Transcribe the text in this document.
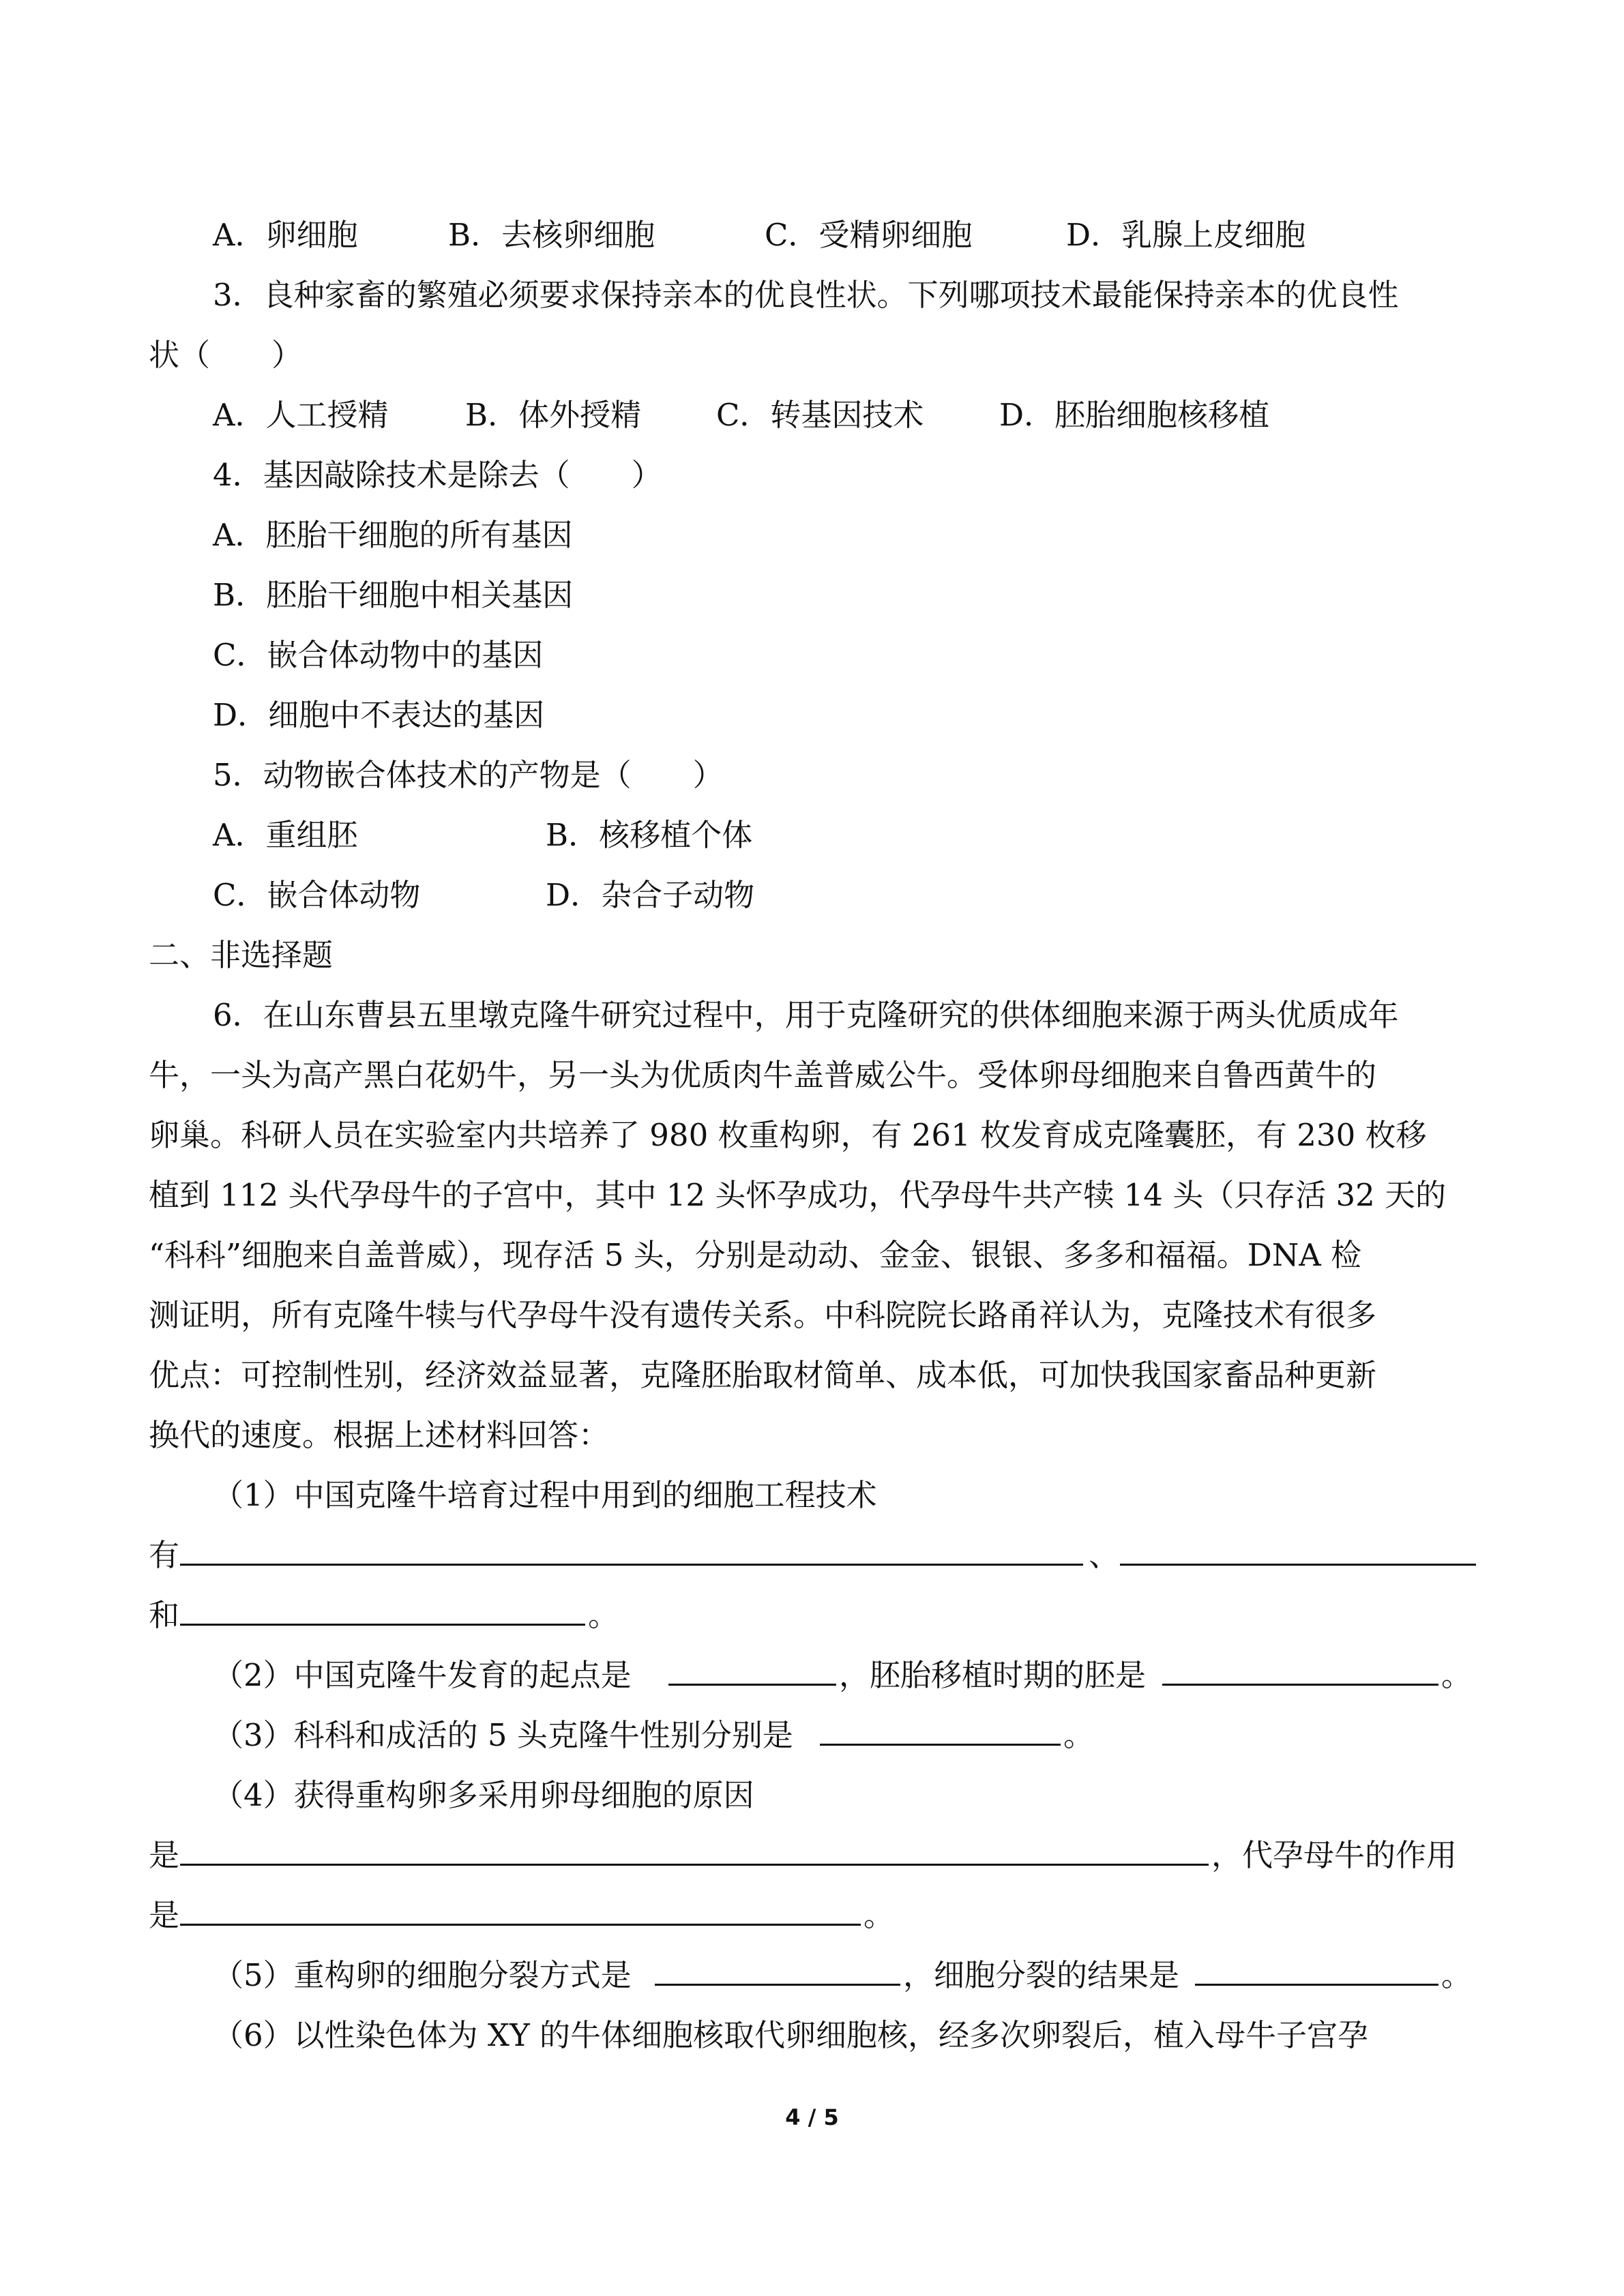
A．卵细胞	B．去核卵细胞	C．受精卵细胞	D．乳腺上皮细胞
3．良种家畜的繁殖必须要求保持亲本的优良性状。下列哪项技术最能保持亲本的优良性
状（　　）
A．人工授精	B．体外授精 C．转基因技术 D．胚胎细胞核移植
4．基因敲除技术是除去（　　）
A．胚胎干细胞的所有基因
B．胚胎干细胞中相关基因
C．嵌合体动物中的基因
D．细胞中不表达的基因
5．动物嵌合体技术的产物是（　　）
A．重组胚	B．核移植个体
C．嵌合体动物	D．杂合子动物
二、非选择题
6．在山东曹县五里墩克隆牛研究过程中，用于克隆研究的供体细胞来源于两头优质成年
牛，一头为高产黑白花奶牛，另一头为优质肉牛盖普威公牛。受体卵母细胞来自鲁西黄牛的
卵巢。科研人员在实验室内共培养了 980 枚重构卵，有 261 枚发育成克隆囊胚，有 230 枚移
植到 112 头代孕母牛的子宫中，其中 12 头怀孕成功，代孕母牛共产犊 14 头（只存活 32 天的
“科科”细胞来自盖普威），现存活 5 头，分别是动动、金金、银银、多多和福福。DNA 检
测证明，所有克隆牛犊与代孕母牛没有遗传关系。中科院院长路甬祥认为，克隆技术有很多
优点：可控制性别，经济效益显著，克隆胚胎取材简单、成本低，可加快我国家畜品种更新
换代的速度。根据上述材料回答：
（1）中国克隆牛培育过程中用到的细胞工程技术
有	、
和	。
（2）中国克隆牛发育的起点是	，胚胎移植时期的胚是	。
（3）科科和成活的 5 头克隆牛性别分别是	。
（4）获得重构卵多采用卵母细胞的原因
是	，代孕母牛的作用
是	。
（5）重构卵的细胞分裂方式是	，细胞分裂的结果是	。
（6）以性染色体为 XY 的牛体细胞核取代卵细胞核，经多次卵裂后，植入母牛子宫孕
4 / 5
